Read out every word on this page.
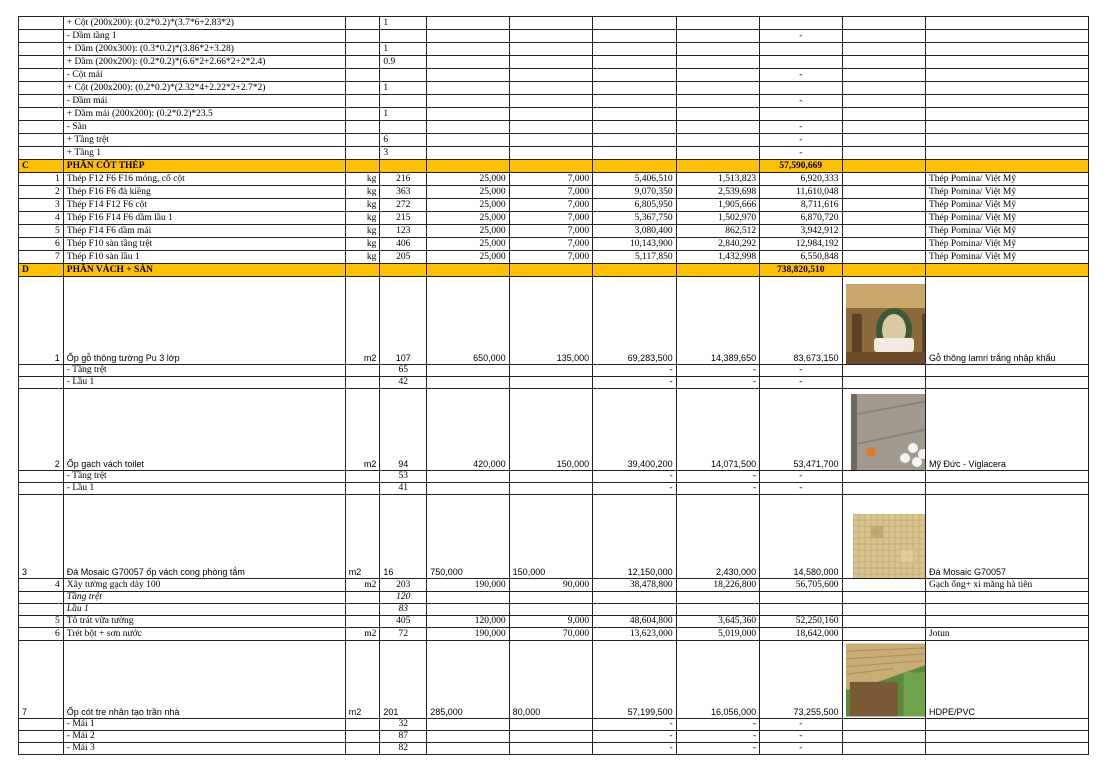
	+ Cột (200x200): (0.2*0.2)*(3.7*6+2.83*2)		1							
	- Dầm tầng 1							-		
	+ Dầm (200x300): (0.3*0.2)*(3.86*2+3.28)		1							
	+ Dầm (200x200): (0.2*0.2)*(6.6*2+2.66*2+2*2.4)		0.9							
	- Cột mái							-		
	+ Cột (200x200): (0.2*0.2)*(2.32*4+2.22*2+2.7*2)		1							
	- Dầm mái							-		
	+ Dầm mái (200x200): (0.2*0.2)*23.5		1							
	- Sàn							-		
	+ Tầng trệt		6					-		
	+ Tầng 1		3					-		
C	PHẦN CỐT THÉP							57,590,669		
1	Thép F12 F6 F16 móng, cổ cột	kg	216	25,000	7,000	5,406,510	1,513,823	6,920,333		Thép Pomina/ Việt Mỹ
2	Thép F16 F6 đà kiềng	kg	363	25,000	7,000	9,070,350	2,539,698	11,610,048		Thép Pomina/ Việt Mỹ
3	Thép F14 F12 F6 cột	kg	272	25,000	7,000	6,805,950	1,905,666	8,711,616		Thép Pomina/ Việt Mỹ
4	Thép F16 F14 F6 dầm lầu 1	kg	215	25,000	7,000	5,367,750	1,502,970	6,870,720		Thép Pomina/ Việt Mỹ
5	Thép F14 F6 dầm mái	kg	123	25,000	7,000	3,080,400	862,512	3,942,912		Thép Pomina/ Việt Mỹ
6	Thép F10 sàn tầng trệt	kg	406	25,000	7,000	10,143,900	2,840,292	12,984,192		Thép Pomina/ Việt Mỹ
7	Thép F10 sàn lầu 1	kg	205	25,000	7,000	5,117,850	1,432,998	6,550,848		Thép Pomina/ Việt Mỹ
D	PHẦN VÁCH + SÀN							738,820,510		
1	Ốp gỗ thông tường Pu 3 lớp	m2	107	650,000	135,000	69,283,500	14,389,650	83,673,150		Gỗ thông lamri trắng nhập khẩu
	- Tầng trệt		65			-	-	-		
	- Lầu 1		42			-	-	-		
2	Ốp gạch vách toilet	m2	94	420,000	150,000	39,400,200	14,071,500	53,471,700		Mỹ Đức - Viglacera
	- Tầng trệt		53			-	-	-		
	- Lầu 1		41			-	-	-		
3	Đá Mosaic G70057 ốp vách cong phòng tắm	m2	16	750,000	150,000	12,150,000	2,430,000	14,580,000		Đá Mosaic G70057
4	Xây tường gạch dày 100	m2	203	190,000	90,000	38,478,800	18,226,800	56,705,600		Gạch ống+ xi măng hà tiên
	Tầng trệt		120							
	Lầu 1		83							
5	Tô trát vữa tường		405	120,000	9,000	48,604,800	3,645,360	52,250,160		
6	Trét bột + sơn nước	m2	72	190,000	70,000	13,623,000	5,019,000	18,642,000		Jotun
7	Ốp cót tre nhân tạo trần nhà	m2	201	285,000	80,000	57,199,500	16,056,000	73,255,500		HDPE/PVC
	- Mái 1		32			-	-	-		
	- Mái 2		87			-	-	-		
	- Mái 3		82			-	-	-		
